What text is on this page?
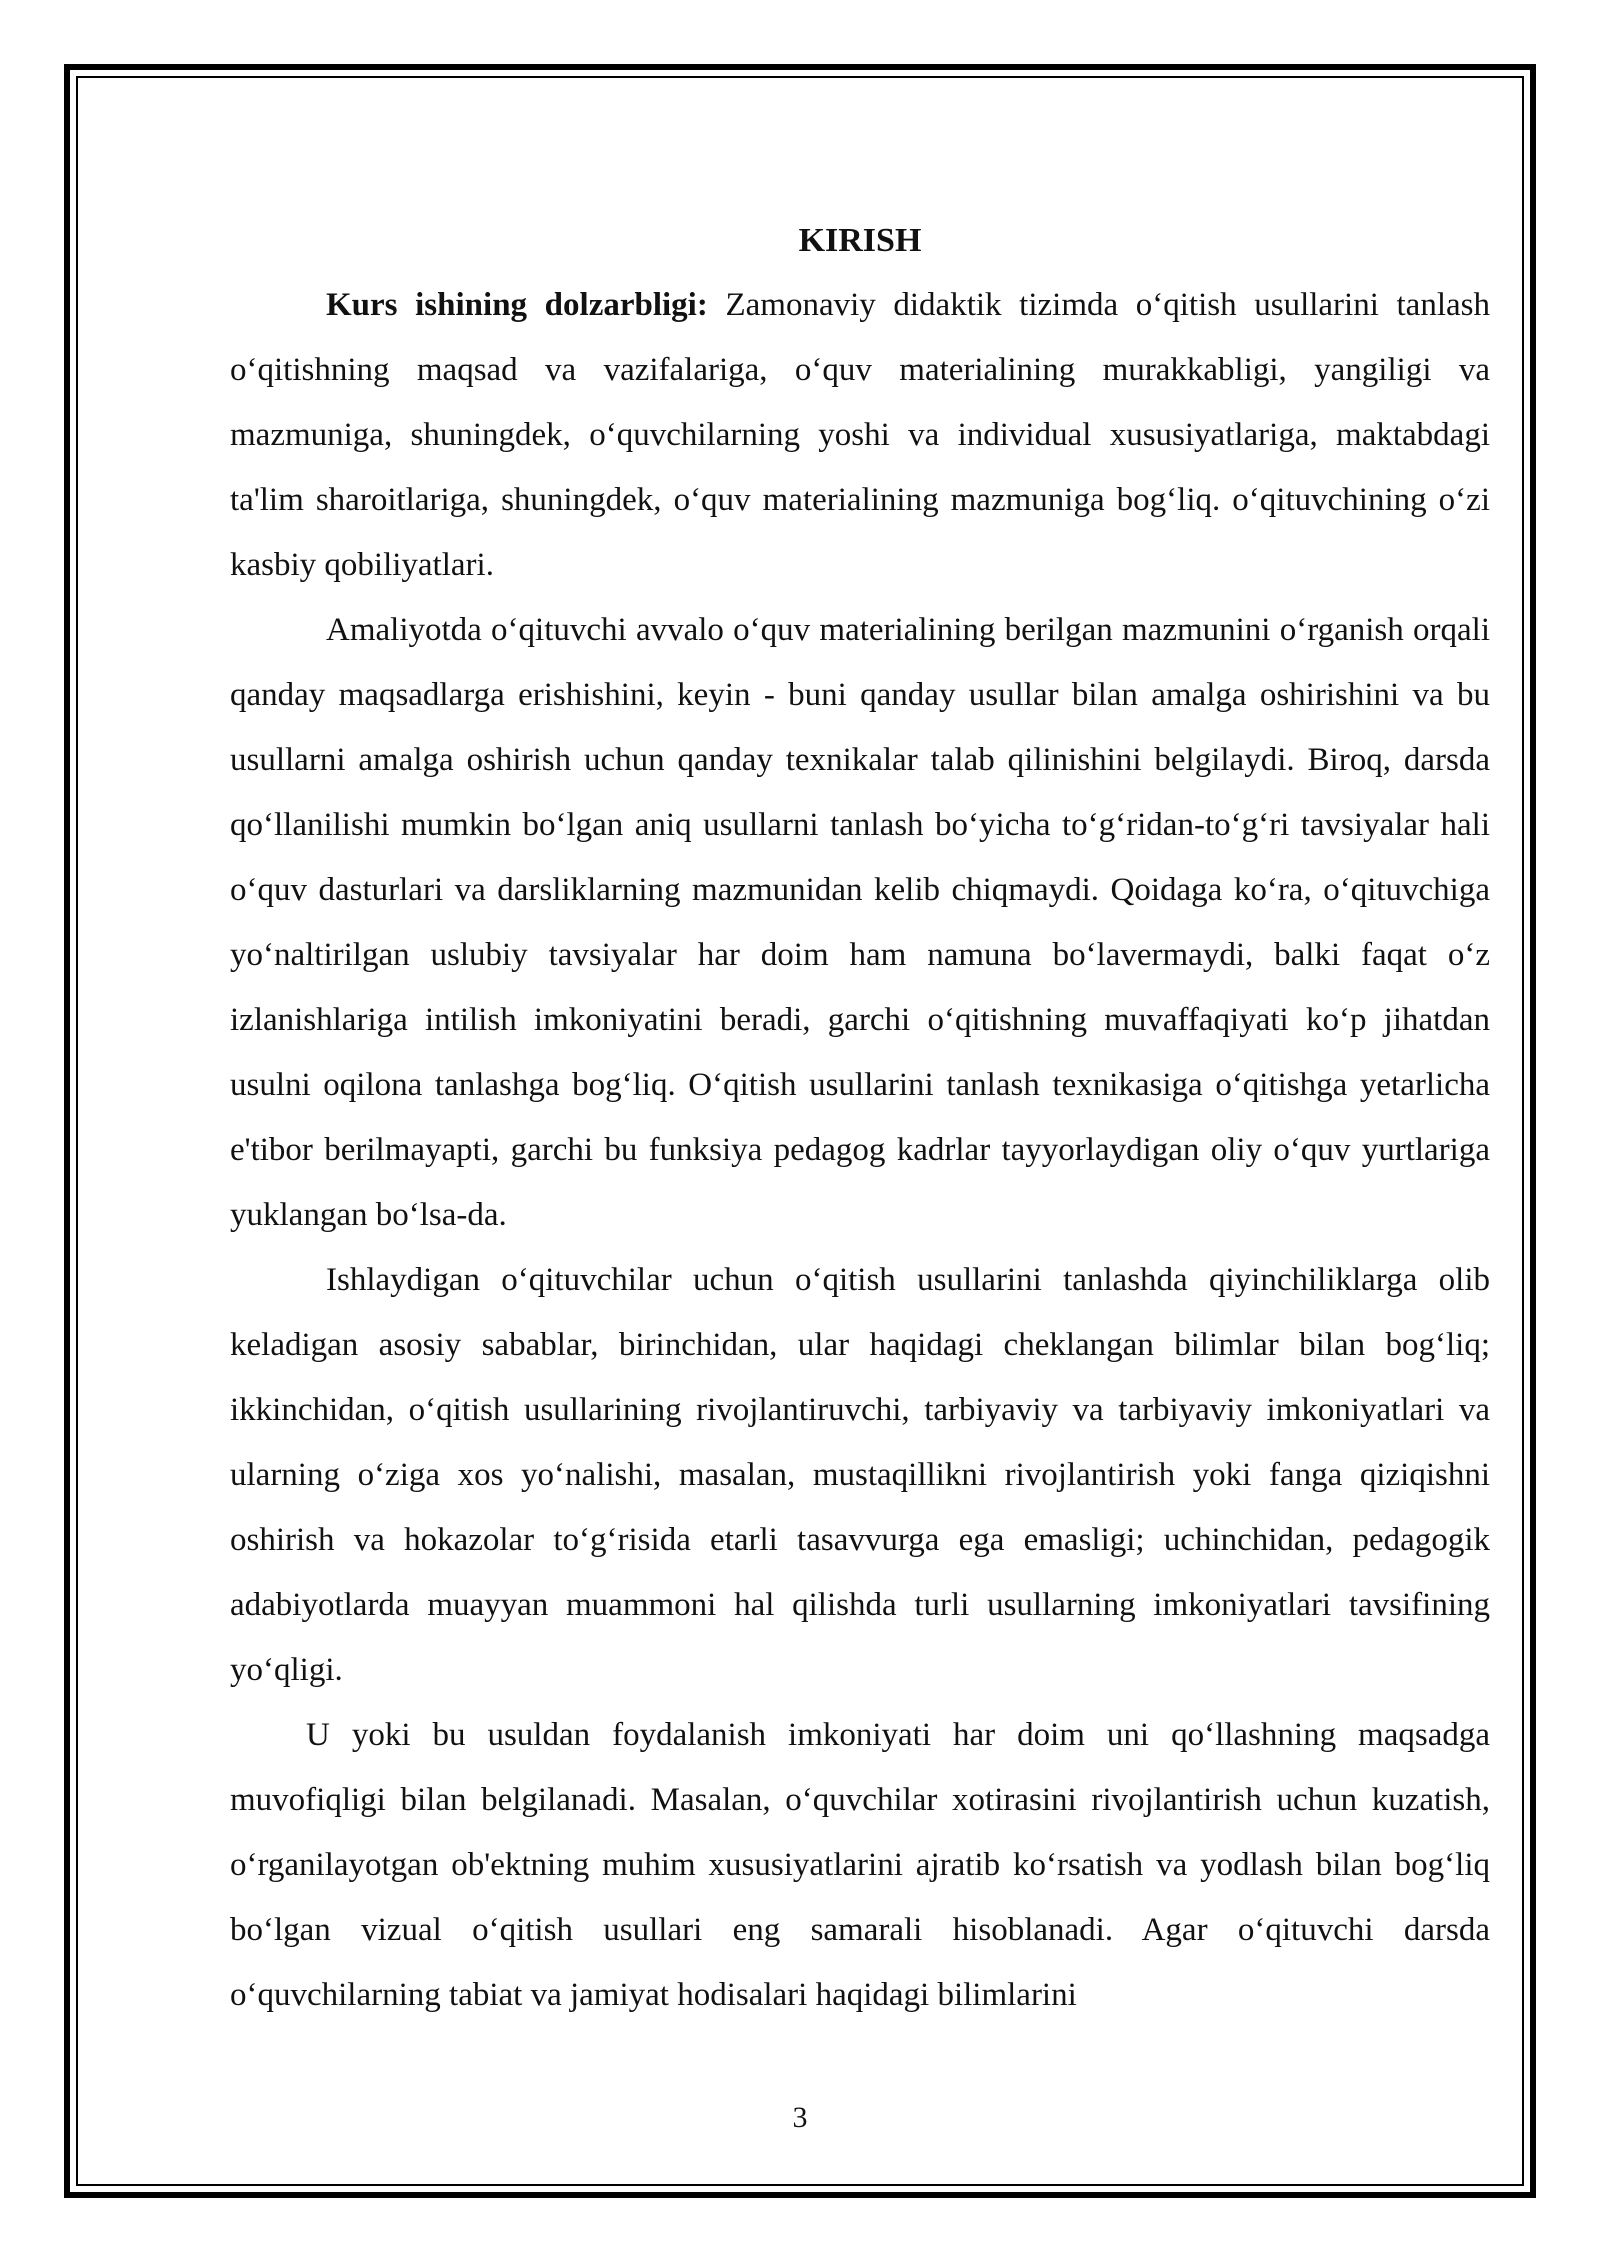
KIRISH

Kurs ishining dolzarbligi: Zamonaviy didaktik tizimda o‘qitish usullarini tanlash o‘qitishning maqsad va vazifalariga, o‘quv materialining murakkabligi, yangiligi va mazmuniga, shuningdek, o‘quvchilarning yoshi va individual xususiyatlariga, maktabdagi ta'lim sharoitlariga, shuningdek, o‘quv materialining mazmuniga bog‘liq. o‘qituvchining o‘zi kasbiy qobiliyatlari.

Amaliyotda o‘qituvchi avvalo o‘quv materialining berilgan mazmunini o‘rganish orqali qanday maqsadlarga erishishini, keyin - buni qanday usullar bilan amalga oshirishini va bu usullarni amalga oshirish uchun qanday texnikalar talab qilinishini belgilaydi. Biroq, darsda qo‘llanilishi mumkin bo‘lgan aniq usullarni tanlash bo‘yicha to‘g‘ridan-to‘g‘ri tavsiyalar hali o‘quv dasturlari va darsliklarning mazmunidan kelib chiqmaydi. Qoidaga ko‘ra, o‘qituvchiga yo‘naltirilgan uslubiy tavsiyalar har doim ham namuna bo‘lavermaydi, balki faqat o‘z izlanishlariga intilish imkoniyatini beradi, garchi o‘qitishning muvaffaqiyati ko‘p jihatdan usulni oqilona tanlashga bog‘liq. O‘qitish usullarini tanlash texnikasiga o‘qitishga yetarlicha e'tibor berilmayapti, garchi bu funksiya pedagog kadrlar tayyorlaydigan oliy o‘quv yurtlariga yuklangan bo‘lsa-da.

Ishlaydigan o‘qituvchilar uchun o‘qitish usullarini tanlashda qiyinchiliklarga olib keladigan asosiy sabablar, birinchidan, ular haqidagi cheklangan bilimlar bilan bog‘liq; ikkinchidan, o‘qitish usullarining rivojlantiruvchi, tarbiyaviy va tarbiyaviy imkoniyatlari va ularning o‘ziga xos yo‘nalishi, masalan, mustaqillikni rivojlantirish yoki fanga qiziqishni oshirish va hokazolar to‘g‘risida etarli tasavvurga ega emasligi; uchinchidan, pedagogik adabiyotlarda muayyan muammoni hal qilishda turli usullarning imkoniyatlari tavsifining yo‘qligi.

U yoki bu usuldan foydalanish imkoniyati har doim uni qo‘llashning maqsadga muvofiqligi bilan belgilanadi. Masalan, o‘quvchilar xotirasini rivojlantirish uchun kuzatish, o‘rganilayotgan ob'ektning muhim xususiyatlarini ajratib ko‘rsatish va yodlash bilan bog‘liq bo‘lgan vizual o‘qitish usullari eng samarali hisoblanadi. Agar o‘qituvchi darsda o‘quvchilarning tabiat va jamiyat hodisalari haqidagi bilimlarini

3
